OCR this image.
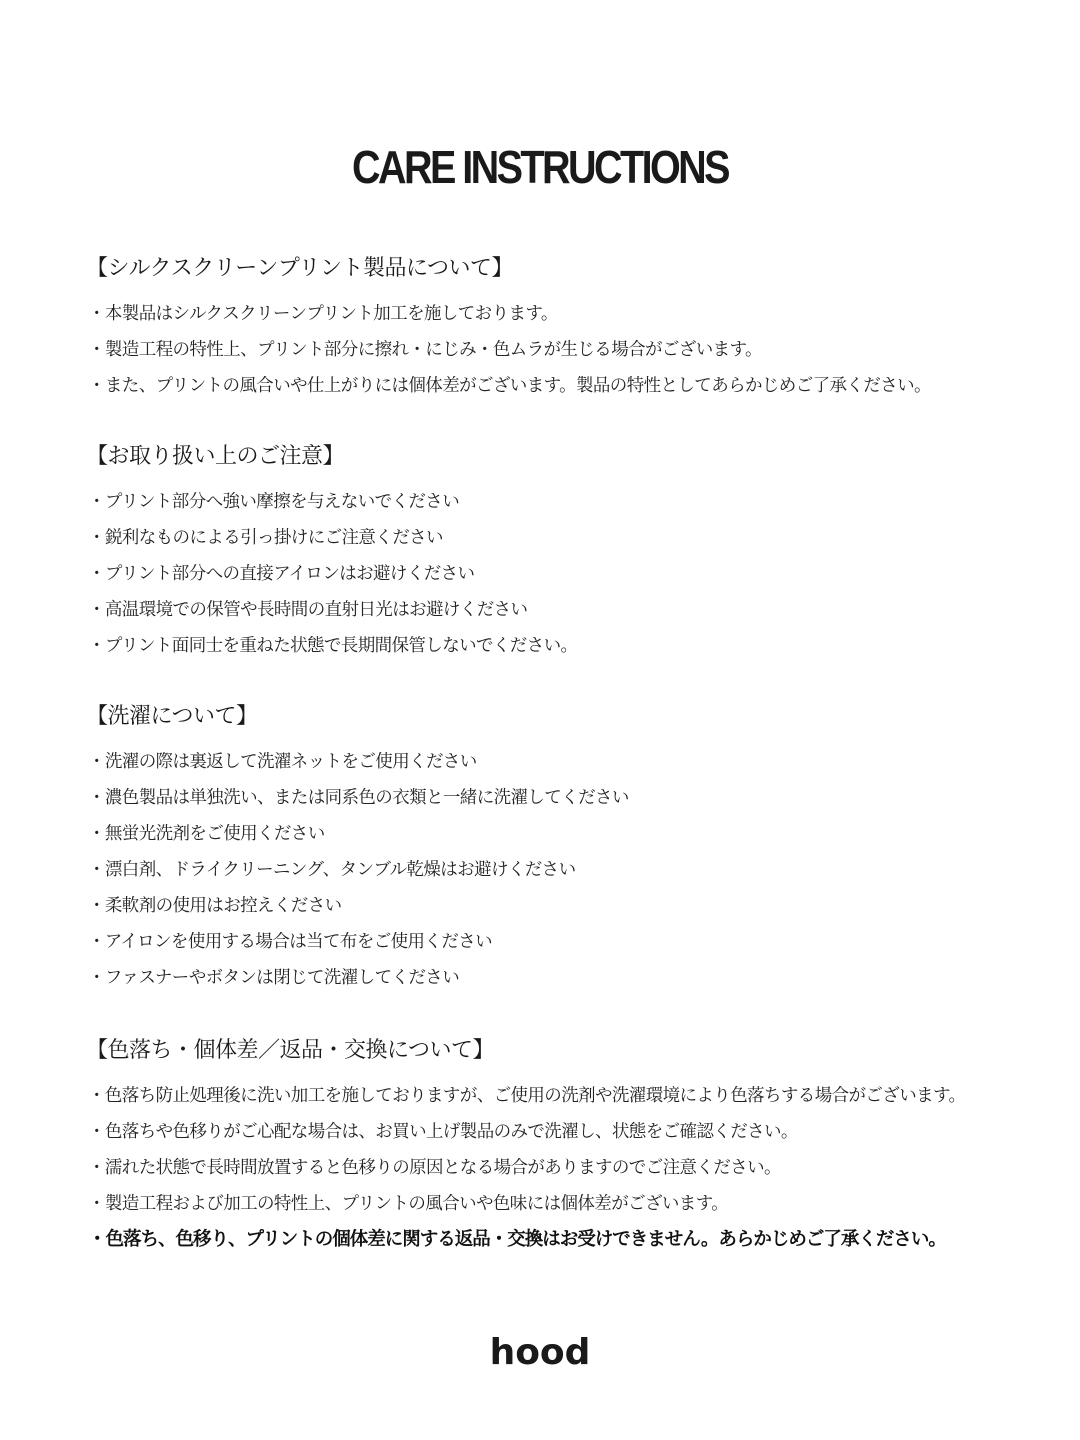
CARE INSTRUCTIONS
【シルクスクリーンプリント製品について】
・本製品はシルクスクリーンプリント加工を施しております。
・製造工程の特性上、プリント部分に擦れ・にじみ・色ムラが生じる場合がございます。
・また、プリントの風合いや仕上がりには個体差がございます。製品の特性としてあらかじめご了承ください。
【お取り扱い上のご注意】
・プリント部分へ強い摩擦を与えないでください
・鋭利なものによる引っ掛けにご注意ください
・プリント部分への直接アイロンはお避けください
・高温環境での保管や長時間の直射日光はお避けください
・プリント面同士を重ねた状態で長期間保管しないでください。
【洗濯について】
・洗濯の際は裏返して洗濯ネットをご使用ください
・濃色製品は単独洗い、または同系色の衣類と一緒に洗濯してください
・無蛍光洗剤をご使用ください
・漂白剤、ドライクリーニング、タンブル乾燥はお避けください
・柔軟剤の使用はお控えください
・アイロンを使用する場合は当て布をご使用ください
・ファスナーやボタンは閉じて洗濯してください
【色落ち・個体差／返品・交換について】
・色落ち防止処理後に洗い加工を施しておりますが、ご使用の洗剤や洗濯環境により色落ちする場合がございます。
・色落ちや色移りがご心配な場合は、お買い上げ製品のみで洗濯し、状態をご確認ください。
・濡れた状態で長時間放置すると色移りの原因となる場合がありますのでご注意ください。
・製造工程および加工の特性上、プリントの風合いや色味には個体差がございます。
・色落ち、色移り、プリントの個体差に関する返品・交換はお受けできません。あらかじめご了承ください。
hood
